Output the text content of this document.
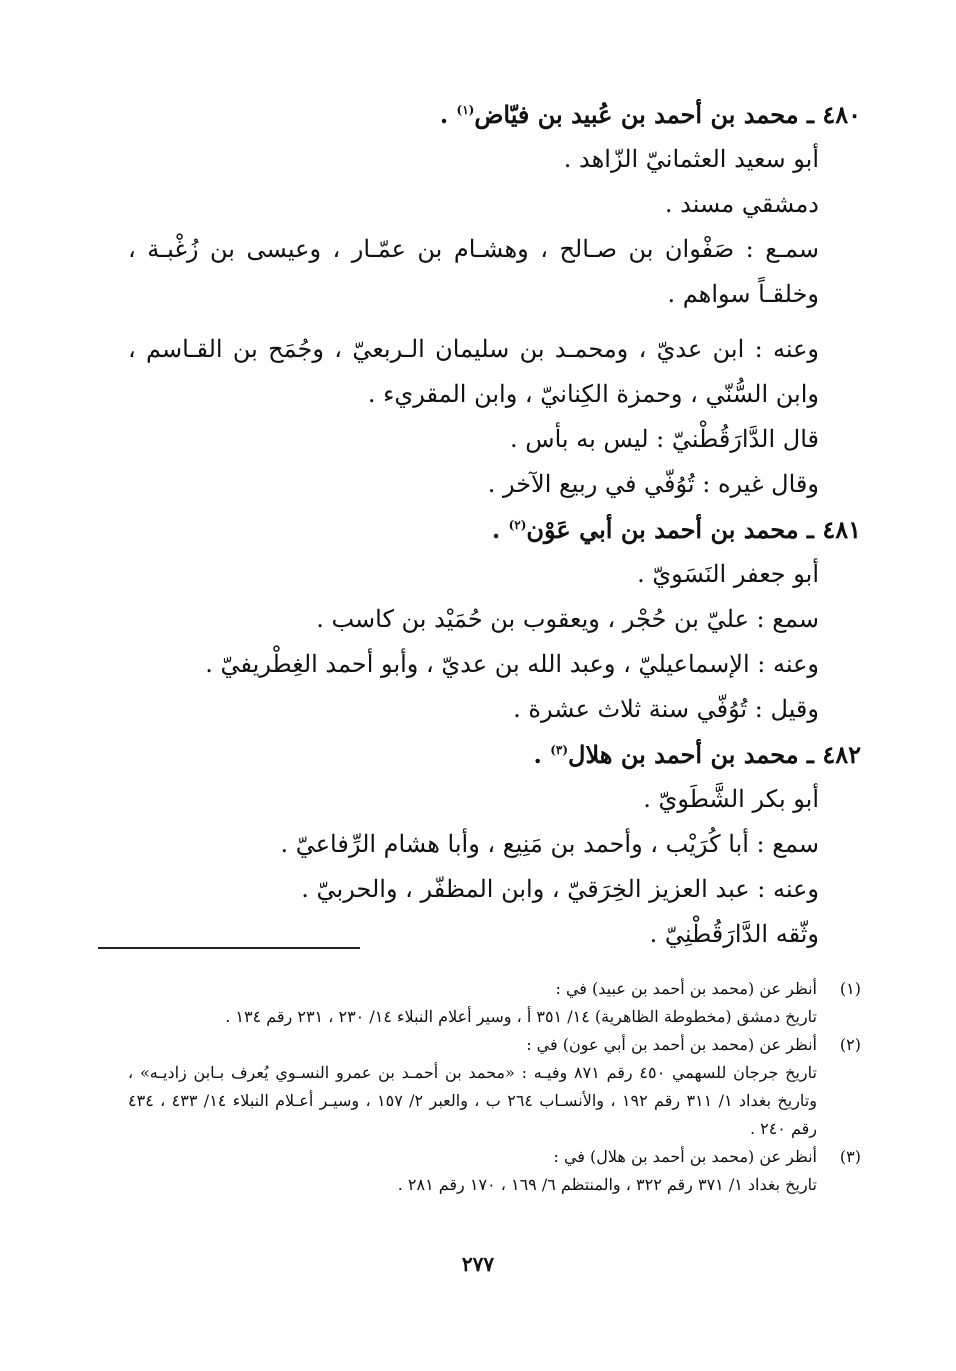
٤٨٠ ـ محمد بن أحمد بن عُبيد بن فيّاض$^{(١)}$ .
أبو سعيد العثمانيّ الزّاهد .
دمشقي مسند .
سمـع : صَفْوان بن صـالح ، وهشـام بن عمّـار ، وعيسى بن زُغْبـة ، وخلقـاً سواهم .
وعنه : ابن عديّ ، ومحمـد بن سليمان الـربعيّ ، وجُمَح بن القـاسم ، وابن السُّنّي ، وحمزة الكِنانيّ ، وابن المقريء .
قال الدَّارَقُطْنيّ : ليس به بأس .
وقال غيره : تُوُفّي في ربيع الآخر .
٤٨١ ـ محمد بن أحمد بن أبي عَوْن$^{(٢)}$ .
أبو جعفر النَسَويّ .
سمع : عليّ بن حُجْر ، ويعقوب بن حُمَيْد بن كاسب .
وعنه : الإسماعيليّ ، وعبد الله بن عديّ ، وأبو أحمد الغِطْريفيّ .
وقيل : تُوُفّي سنة ثلاث عشرة .
٤٨٢ ـ محمد بن أحمد بن هلال$^{(٣)}$ .
أبو بكر الشَّطَويّ .
سمع : أبا كُرَيْب ، وأحمد بن مَنِيع ، وأبا هشام الرِّفاعيّ .
وعنه : عبد العزيز الخِرَقيّ ، وابن المظفّر ، والحربيّ .
وثّقه الدَّارَقُطْنِيّ .
(١)
أنظر عن (محمد بن أحمد بن عبيد) في :
تاريخ دمشق (مخطوطة الظاهرية) ١٤/ ٣٥١ أ ، وسير أعلام النبلاء ١٤/ ٢٣٠ ، ٢٣١ رقم ١٣٤ .
(٢)
أنظر عن (محمد بن أحمد بن أبي عون) في :
تاريخ جرجان للسهمي ٤٥٠ رقم ٨٧١ وفيـه : «محمد بن أحمـد بن عمرو النسـوي يُعرف بـابن زاديـه» ، وتاريخ بغداد ١/ ٣١١ رقم ١٩٢ ، والأنسـاب ٢٦٤ ب ، والعبر ٢/ ١٥٧ ، وسيـر أعـلام النبلاء ١٤/ ٤٣٣ ، ٤٣٤ رقم ٢٤٠ .
(٣)
أنظر عن (محمد بن أحمد بن هلال) في :
تاريخ بغداد ١/ ٣٧١ رقم ٣٢٢ ، والمنتظم ٦/ ١٦٩ ، ١٧٠ رقم ٢٨١ .
٢٧٧
